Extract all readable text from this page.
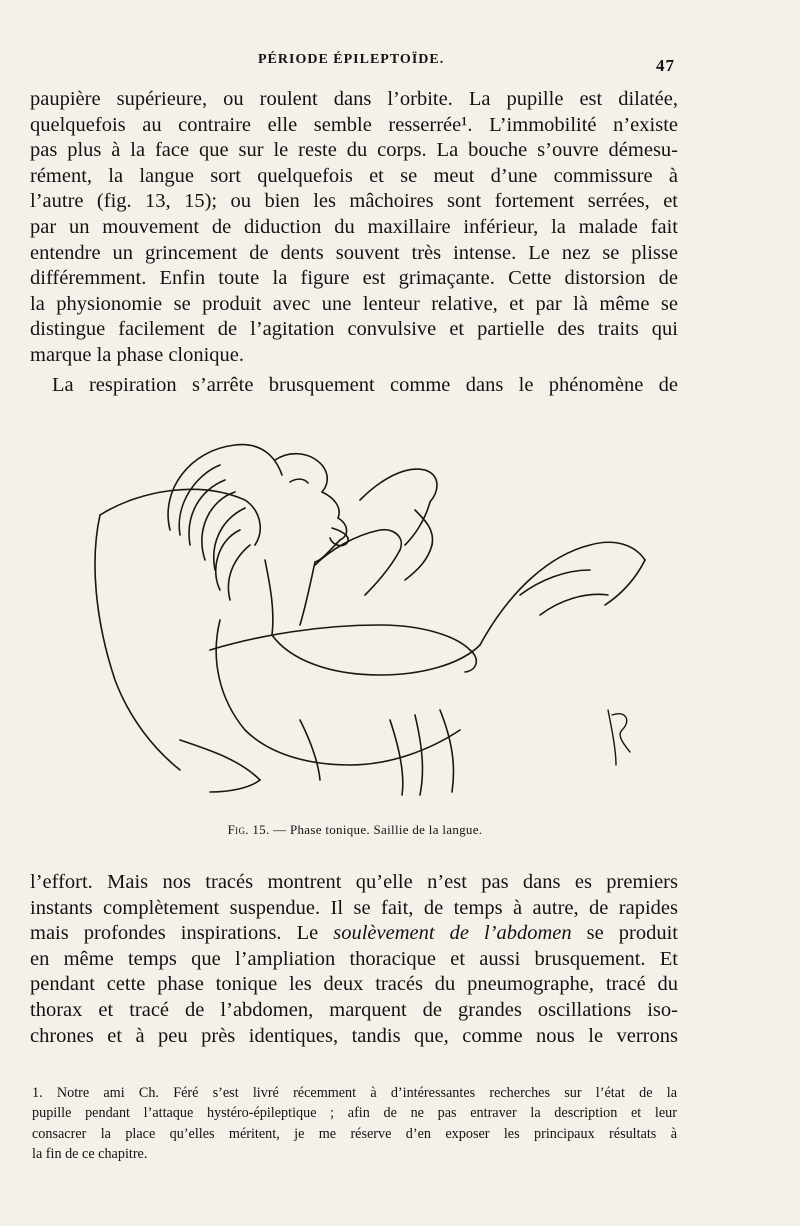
PÉRIODE ÉPILEPTOÏDE.	47
paupière supérieure, ou roulent dans l’orbite. La pupille est dilatée,
quelquefois au contraire elle semble resserrée¹. L’immobilité n’existe
pas plus à la face que sur le reste du corps. La bouche s’ouvre démesu-
rément, la langue sort quelquefois et se meut d’une commissure à
l’autre (fig. 13, 15); ou bien les mâchoires sont fortement serrées, et
par un mouvement de diduction du maxillaire inférieur, la malade fait
entendre un grincement de dents souvent très intense. Le nez se plisse
différemment. Enfin toute la figure est grimaçante. Cette distorsion de
la physionomie se produit avec une lenteur relative, et par là même se
distingue facilement de l’agitation convulsive et partielle des traits qui
marque la phase clonique.
La respiration s’arrête brusquement comme dans le phénomène de
Fig. 15. — Phase tonique. Saillie de la langue.
l’effort. Mais nos tracés montrent qu’elle n’est pas dans es premiers
instants complètement suspendue. Il se fait, de temps à autre, de rapides
mais profondes inspirations. Le soulèvement de l’abdomen se produit
en même temps que l’ampliation thoracique et aussi brusquement. Et
pendant cette phase tonique les deux tracés du pneumographe, tracé du
thorax et tracé de l’abdomen, marquent de grandes oscillations iso-
chrones et à peu près identiques, tandis que, comme nous le verrons
1. Notre ami Ch. Féré s’est livré récemment à d’intéressantes recherches sur l’état de la
pupille pendant l’attaque hystéro-épileptique ; afin de ne pas entraver la description et leur
consacrer la place qu’elles méritent, je me réserve d’en exposer les principaux résultats à
la fin de ce chapitre.
